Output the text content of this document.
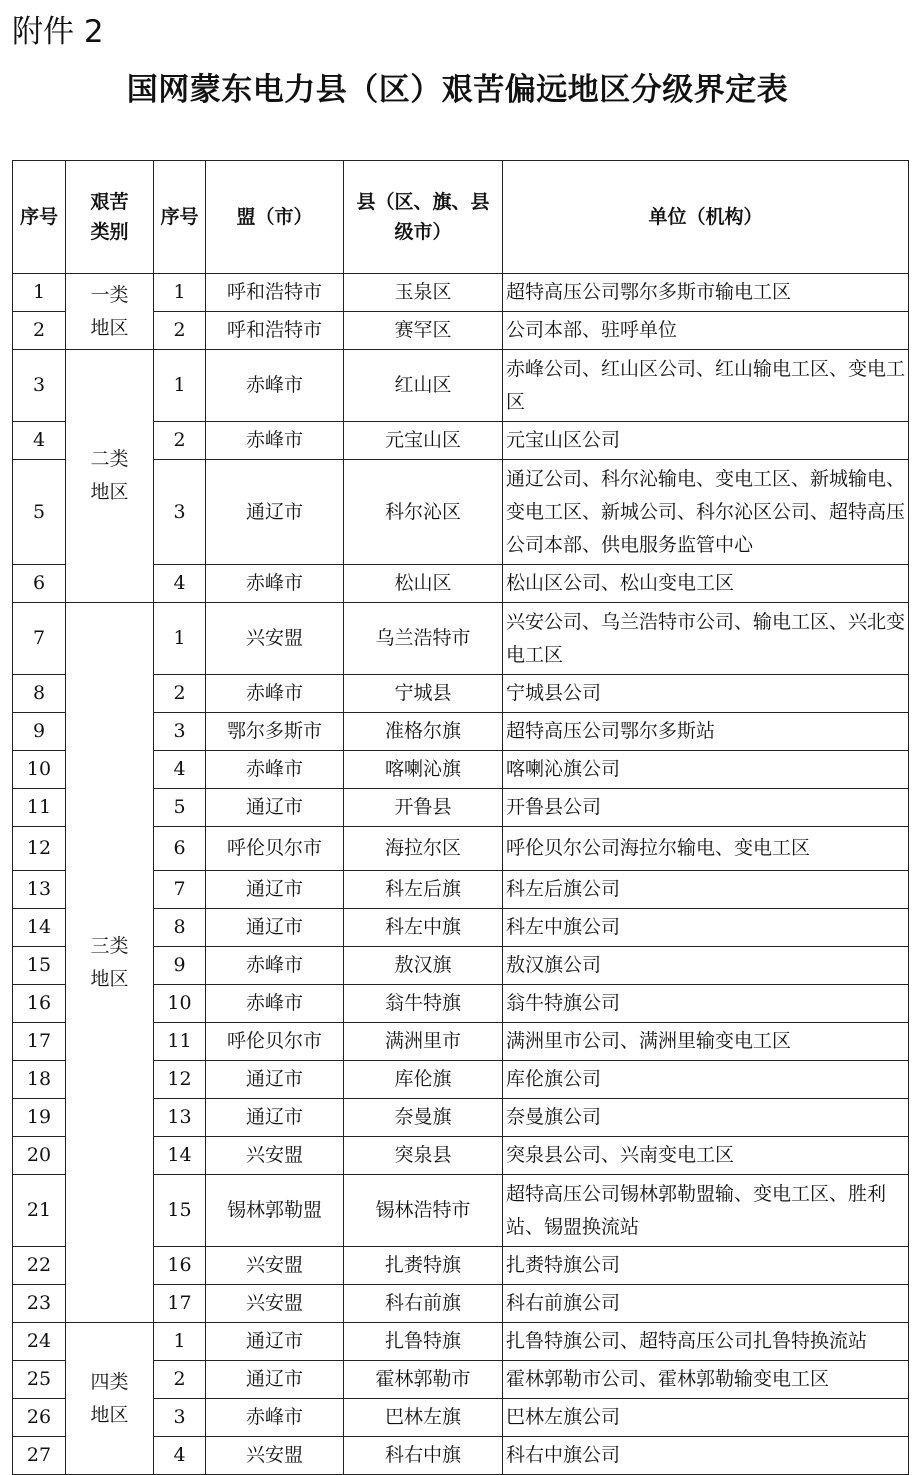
附件 2
国网蒙东电力县（区）艰苦偏远地区分级界定表
序号	艰苦类别	序号	盟（市）	县（区、旗、县级市）	单位（机构）
1	一类地区	1	呼和浩特市	玉泉区	超特高压公司鄂尔多斯市输电工区
2		2	呼和浩特市	赛罕区	公司本部、驻呼单位
3	二类地区	1	赤峰市	红山区	赤峰公司、红山区公司、红山输电工区、变电工区
4		2	赤峰市	元宝山区	元宝山区公司
5		3	通辽市	科尔沁区	通辽公司、科尔沁输电、变电工区、新城输电、变电工区、新城公司、科尔沁区公司、超特高压公司本部、供电服务监管中心
6		4	赤峰市	松山区	松山区公司、松山变电工区
7	三类地区	1	兴安盟	乌兰浩特市	兴安公司、乌兰浩特市公司、输电工区、兴北变电工区
8		2	赤峰市	宁城县	宁城县公司
9		3	鄂尔多斯市	准格尔旗	超特高压公司鄂尔多斯站
10		4	赤峰市	喀喇沁旗	喀喇沁旗公司
11		5	通辽市	开鲁县	开鲁县公司
12		6	呼伦贝尔市	海拉尔区	呼伦贝尔公司海拉尔输电、变电工区
13		7	通辽市	科左后旗	科左后旗公司
14		8	通辽市	科左中旗	科左中旗公司
15		9	赤峰市	敖汉旗	敖汉旗公司
16		10	赤峰市	翁牛特旗	翁牛特旗公司
17		11	呼伦贝尔市	满洲里市	满洲里市公司、满洲里输变电工区
18		12	通辽市	库伦旗	库伦旗公司
19		13	通辽市	奈曼旗	奈曼旗公司
20		14	兴安盟	突泉县	突泉县公司、兴南变电工区
21		15	锡林郭勒盟	锡林浩特市	超特高压公司锡林郭勒盟输、变电工区、胜利站、锡盟换流站
22		16	兴安盟	扎赉特旗	扎赉特旗公司
23		17	兴安盟	科右前旗	科右前旗公司
24	四类地区	1	通辽市	扎鲁特旗	扎鲁特旗公司、超特高压公司扎鲁特换流站
25		2	通辽市	霍林郭勒市	霍林郭勒市公司、霍林郭勒输变电工区
26		3	赤峰市	巴林左旗	巴林左旗公司
27		4	兴安盟	科右中旗	科右中旗公司
